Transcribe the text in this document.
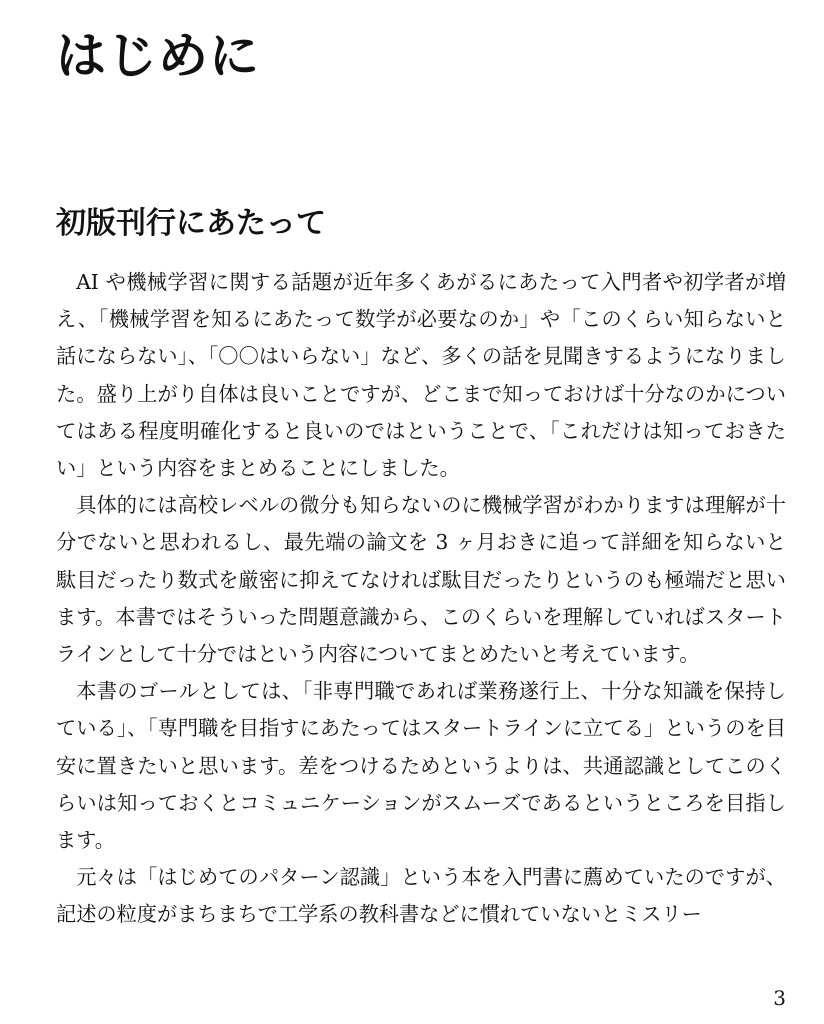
はじめに
初版刊行にあたって

AI や機械学習に関する話題が近年多くあがるにあたって入門者や初学者が増え、「機械学習を知るにあたって数学が必要なのか」や「このくらい知らないと話にならない」、「〇〇はいらない」など、多くの話を見聞きするようになりました。盛り上がり自体は良いことですが、どこまで知っておけば十分なのかについてはある程度明確化すると良いのではということで、「これだけは知っておきたい」という内容をまとめることにしました。

具体的には高校レベルの微分も知らないのに機械学習がわかりますは理解が十分でないと思われるし、最先端の論文を 3 ヶ月おきに追って詳細を知らないと駄目だったり数式を厳密に抑えてなければ駄目だったりというのも極端だと思います。本書ではそういった問題意識から、このくらいを理解していればスタートラインとして十分ではという内容についてまとめたいと考えています。

本書のゴールとしては、「非専門職であれば業務遂行上、十分な知識を保持している」、「専門職を目指すにあたってはスタートラインに立てる」というのを目安に置きたいと思います。差をつけるためというよりは、共通認識としてこのくらいは知っておくとコミュニケーションがスムーズであるというところを目指します。

元々は「はじめてのパターン認識」という本を入門書に薦めていたのですが、記述の粒度がまちまちで工学系の教科書などに慣れていないとミスリー

3
